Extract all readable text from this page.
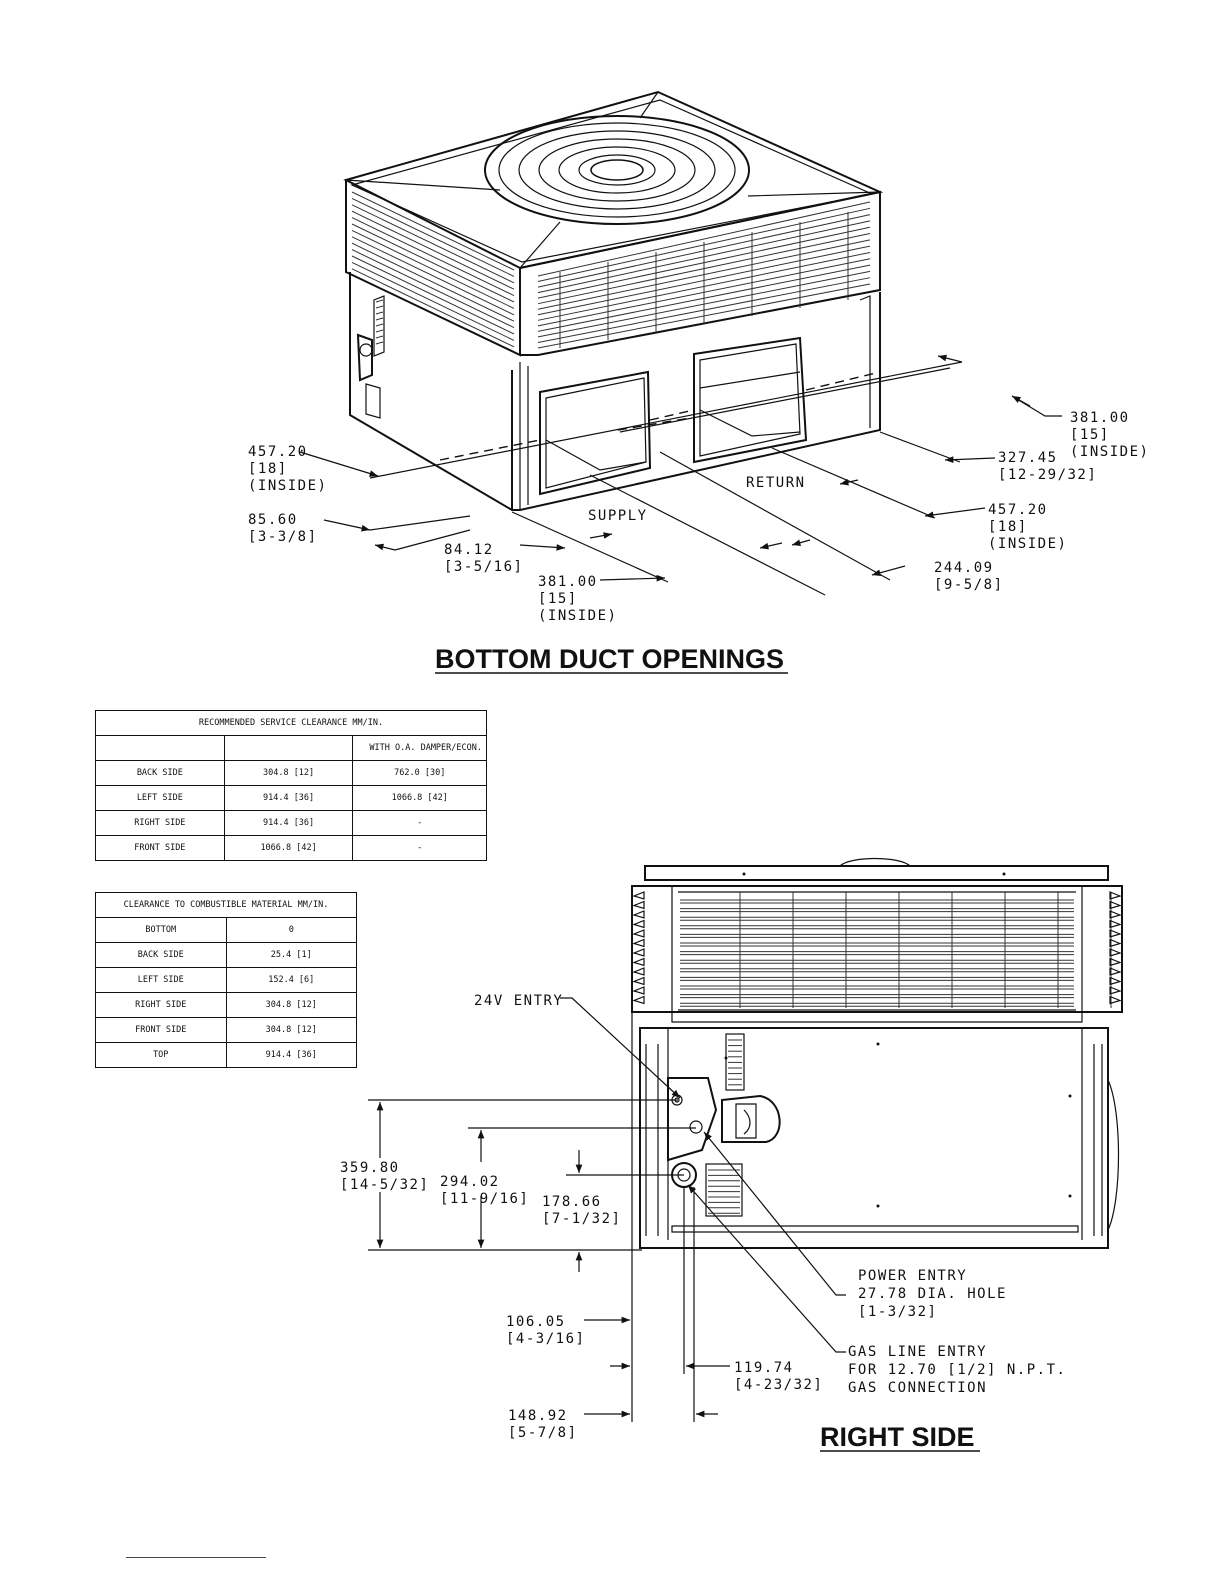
SUPPLY
RETURN
457.20
[18]
(INSIDE)
85.60
[3-3/8]
84.12
[3-5/16]
381.00
[15]
(INSIDE)
381.00
[15]
(INSIDE)
327.45
[12-29/32]
457.20
[18]
(INSIDE)
244.09
[9-5/8]
BOTTOM DUCT OPENINGS
24V ENTRY
POWER ENTRY
27.78 DIA. HOLE
[1-3/32]
GAS LINE ENTRY
FOR 12.70 [1/2] N.P.T.
GAS CONNECTION
359.80
[14-5/32] 294.02
[11-9/16] 178.66
[7-1/32]
106.05
[4-3/16]
119.74
[4-23/32]
148.92
[5-7/8]	RIGHT SIDE
RECOMMENDED SERVICE CLEARANCE MM/IN.		
		WITH O.A. DAMPER/ECON.
BACK SIDE	304.8 [12]	762.0 [30]
LEFT SIDE	914.4 [36]	1066.8 [42]
RIGHT SIDE	914.4 [36]	-
FRONT SIDE	1066.8 [42]	-
CLEARANCE TO COMBUSTIBLE MATERIAL MM/IN.	
BOTTOM	0
BACK SIDE	25.4 [1]
LEFT SIDE	152.4 [6]
RIGHT SIDE	304.8 [12]
FRONT SIDE	304.8 [12]
TOP	914.4 [36]
